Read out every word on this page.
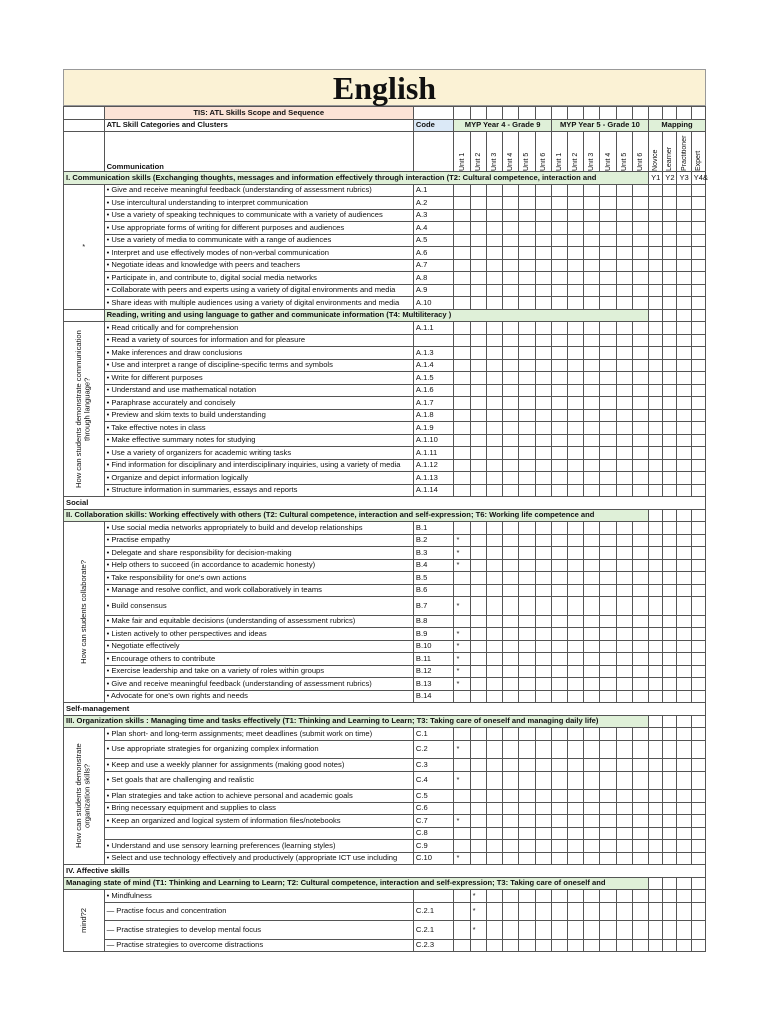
English
	TIS: ATL Skills Scope and Sequence																	
	ATL Skill Categories and Clusters	Code	MYP Year 4 - Grade 9						MYP Year 5 - Grade 10						Mapping			
	Communication		Unit 1	Unit 2	Unit 3	Unit 4	Unit 5	Unit 6	Unit 1	Unit 2	Unit 3	Unit 4	Unit 5	Unit 6	Novice	Learner	Practitioner	Expert

I. Communication skills (Exchanging thoughts, messages and information effectively through interaction (T2: Cultural competence, interaction and															Y1	Y2	Y3	Y4&
*	• Give and receive meaningful feedback (understanding of assessment rubrics)	A.1																
	• Use intercultural understanding to interpret communication	A.2																
	• Use a variety of speaking techniques to communicate with a variety of audiences	A.3																
	• Use appropriate forms of writing for different purposes and audiences	A.4																
	• Use a variety of media to communicate with a range of audiences	A.5																
	• Interpret and use effectively modes of non-verbal communication	A.6																
	• Negotiate ideas and knowledge with peers and teachers	A.7																
	• Participate in, and contribute to, digital social media networks	A.8																
	• Collaborate with peers and experts using a variety of digital environments and media	A.9																
	• Share ideas with multiple audiences using a variety of digital environments and media	A.10																
	Reading, writing and using language to gather and communicate information (T4: Multiliteracy )																	

How can students demonstrate communication through language?	• Read critically and for comprehension	A.1.1																
	• Read a variety of sources for information and for pleasure																	
	• Make inferences and draw conclusions	A.1.3																
	• Use and interpret a range of discipline-specific terms and symbols	A.1.4																
	• Write for different purposes	A.1.5																
	• Understand and use mathematical notation	A.1.6																
	• Paraphrase accurately and concisely	A.1.7																
	• Preview and skim texts to build understanding	A.1.8																
	• Take effective notes in class	A.1.9																
	• Make effective summary notes for studying	A.1.10																
	• Use a variety of organizers for academic writing tasks	A.1.11																
	• Find information for disciplinary and interdisciplinary inquiries, using a variety of media	A.1.12																
	• Organize and depict information logically	A.1.13																
	• Structure information in summaries, essays and reports	A.1.14																
Social																		
II. Collaboration skills: Working effectively with others (T2: Cultural competence, interaction and self-expression; T6: Working life competence and																		

How can students collaborate?	• Use social media networks appropriately to build and develop relationships	B.1																
	• Practise empathy	B.2	*															
	• Delegate and share responsibility for decision-making	B.3	*															
	• Help others to succeed (in accordance to academic honesty)	B.4	*															
	• Take responsibility for one's own actions	B.5																
	• Manage and resolve conflict, and work collaboratively in teams	B.6																
	• Build consensus	B.7	*															
	• Make fair and equitable decisions (understanding of assessment rubrics)	B.8																
	• Listen actively to other perspectives and ideas	B.9	*															
	• Negotiate effectively	B.10	*															
	• Encourage others to contribute	B.11	*															
	• Exercise leadership and take on a variety of roles within groups	B.12	*															
	• Give and receive meaningful feedback (understanding of assessment rubrics)	B.13	*															
	• Advocate for one's own rights and needs	B.14																
Self-management																		
III. Organization skills : Managing time and tasks effectively (T1: Thinking and Learning to Learn; T3: Taking care of oneself and managing daily life)																		

How can students demonstrate organization skills?	• Plan short- and long-term assignments; meet deadlines (submit work on time)	C.1																
	• Use appropriate strategies for organizing complex information	C.2	*															
	• Keep and use a weekly planner for assignments (making good notes)	C.3																
	• Set goals that are challenging and realistic	C.4	*															
	• Plan strategies and take action to achieve personal and academic goals	C.5																
	• Bring necessary equipment and supplies to class	C.6																
	• Keep an organized and logical system of information files/notebooks	C.7	*															
		C.8																
	• Understand and use sensory learning preferences (learning styles)	C.9																
	• Select and use technology effectively and productively (appropriate ICT use including	C.10	*															
IV. Affective skills																		
Managing state of mind (T1: Thinking and Learning to Learn; T2: Cultural competence, interaction and self-expression; T3: Taking care of oneself and																		

mind?2	• Mindfulness			*														
	— Practise focus and concentration	C.2.1		*														
	— Practise strategies to develop mental focus	C.2.1		*														
	— Practise strategies to overcome distractions	C.2.3																
